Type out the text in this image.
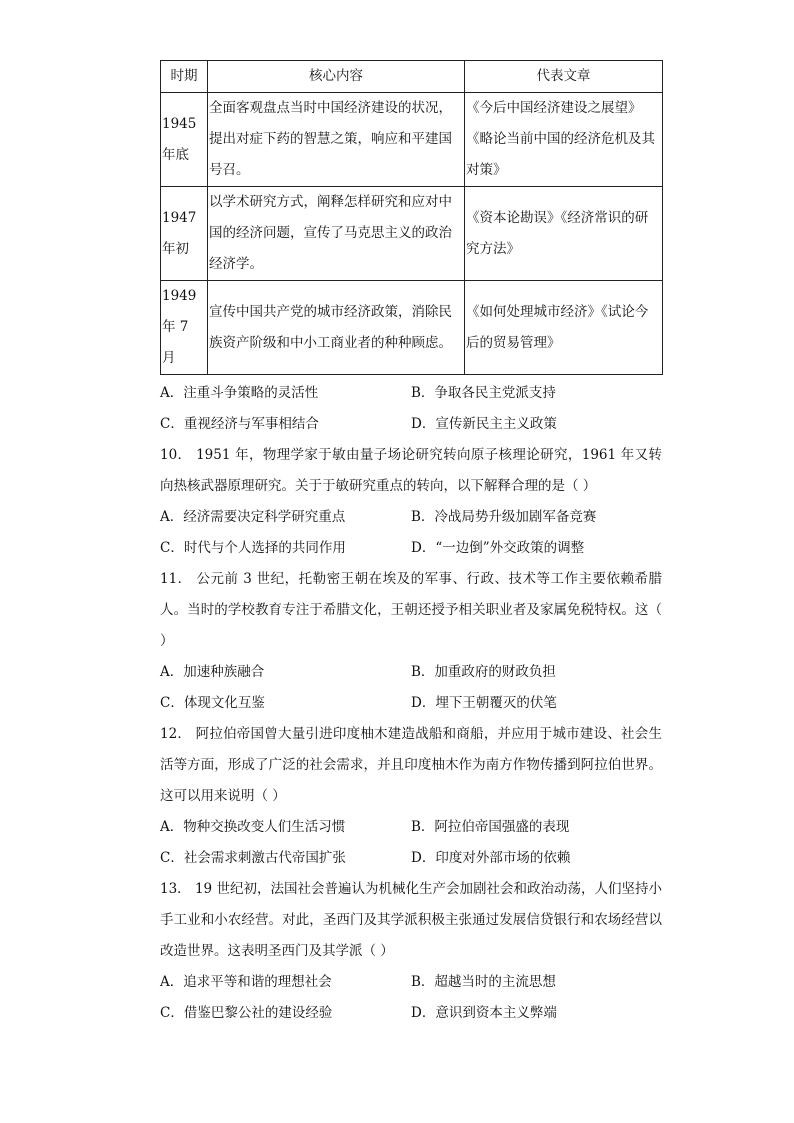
时期	核心内容	代表文章
1945 年底	全面客观盘点当时中国经济建设的状况，提出对症下药的智慧之策，响应和平建国号召。	《今后中国经济建设之展望》《略论当前中国的经济危机及其对策》
1947 年初	以学术研究方式，阐释怎样研究和应对中国的经济问题，宣传了马克思主义的政治经济学。	《资本论勘误》《经济常识的研究方法》
1949 年 7 月	宣传中国共产党的城市经济政策，消除民族资产阶级和中小工商业者的种种顾虑。	《如何处理城市经济》《试论今后的贸易管理》
A．注重斗争策略的灵活性	B．争取各民主党派支持
C．重视经济与军事相结合	D．宣传新民主主义政策
10． 1951 年，物理学家于敏由量子场论研究转向原子核理论研究，1961 年又转向热核武器原理研究。关于于敏研究重点的转向，以下解释合理的是（ ）
A．经济需要决定科学研究重点	B．冷战局势升级加剧军备竞赛
C．时代与个人选择的共同作用	D．“一边倒”外交政策的调整
11． 公元前 3 世纪，托勒密王朝在埃及的军事、行政、技术等工作主要依赖希腊人。当时的学校教育专注于希腊文化，王朝还授予相关职业者及家属免税特权。这（ ）
A．加速种族融合	B．加重政府的财政负担
C．体现文化互鉴	D．埋下王朝覆灭的伏笔
12． 阿拉伯帝国曾大量引进印度柚木建造战船和商船，并应用于城市建设、社会生活等方面，形成了广泛的社会需求，并且印度柚木作为南方作物传播到阿拉伯世界。这可以用来说明（ ）
A．物种交换改变人们生活习惯	B．阿拉伯帝国强盛的表现
C．社会需求刺激古代帝国扩张	D．印度对外部市场的依赖
13． 19 世纪初，法国社会普遍认为机械化生产会加剧社会和政治动荡，人们坚持小手工业和小农经营。对此，圣西门及其学派积极主张通过发展信贷银行和农场经营以改造世界。这表明圣西门及其学派（ ）
A．追求平等和谐的理想社会	B．超越当时的主流思想
C．借鉴巴黎公社的建设经验	D．意识到资本主义弊端
